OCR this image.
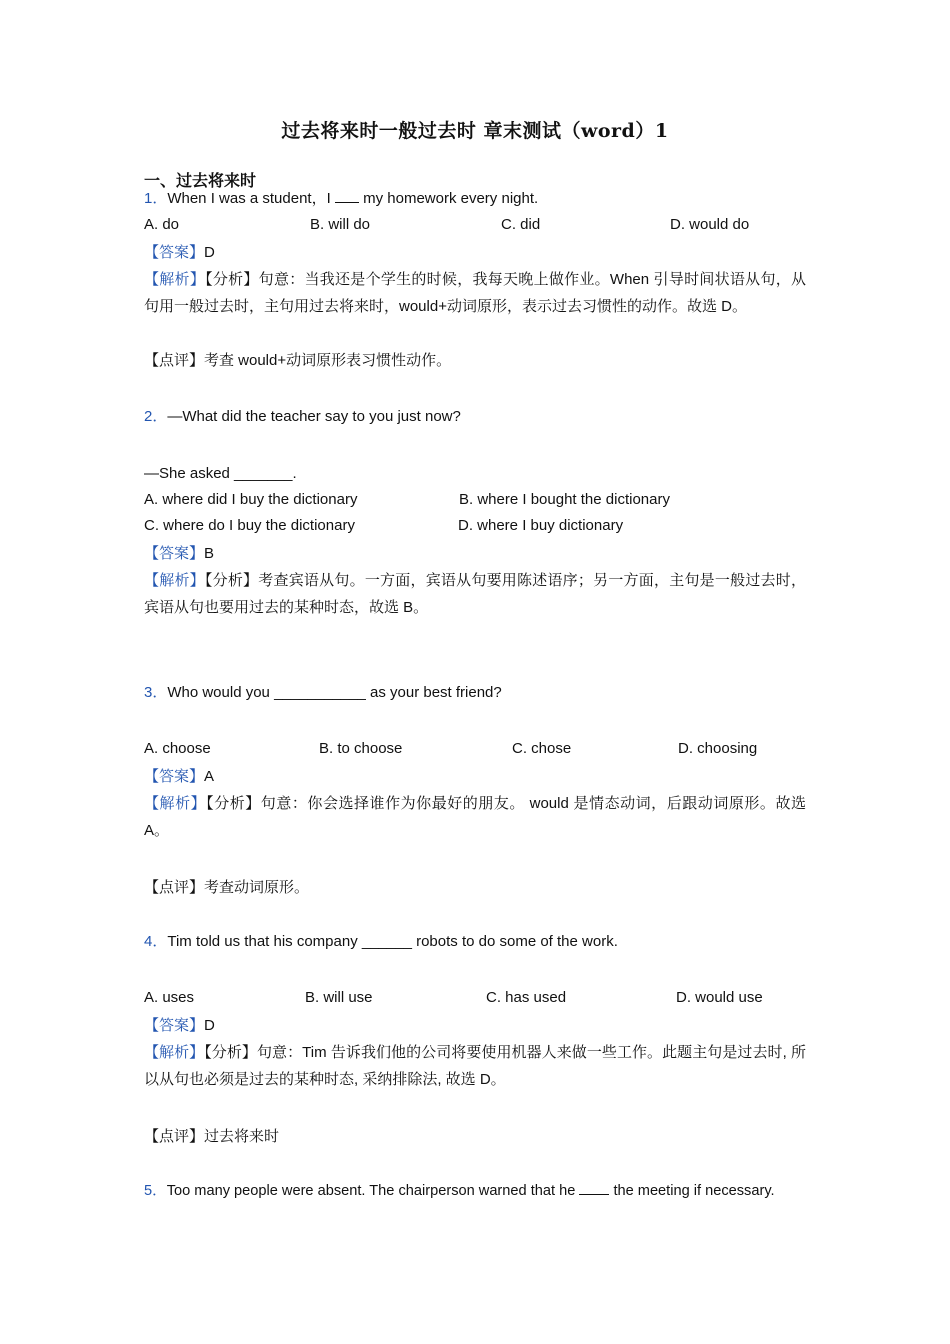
过去将来时一般过去时 章末测试（word）1
一、过去将来时
1．When I was a student，I  my homework every night.
A. do	B. will do	C. did	D. would do
【答案】D
【解析】【分析】句意：当我还是个学生的时候，我每天晚上做作业。When 引导时间状语从句，从句用一般过去时，主句用过去将来时，would+动词原形，表示过去习惯性的动作。故选 D。
【点评】考查 would+动词原形表习惯性动作。
2．—What did the teacher say to you just now?
—She asked _______.
A. where did I buy the dictionary	B. where I bought the dictionary
C. where do I buy the dictionary	D. where I buy dictionary
【答案】B
【解析】【分析】考查宾语从句。一方面，宾语从句要用陈述语序；另一方面，主句是一般过去时，宾语从句也要用过去的某种时态，故选 B。
3．Who would you ___________ as your best friend?
A. choose	B. to choose	C. chose	D. choosing
【答案】A
【解析】【分析】句意：你会选择谁作为你最好的朋友。 would 是情态动词，后跟动词原形。故选 A。
【点评】考查动词原形。
4．Tim told us that his company ______ robots to do some of the work.
A. uses	B. will use	C. has used	D. would use
【答案】D
【解析】【分析】句意：Tim 告诉我们他的公司将要使用机器人来做一些工作。此题主句是过去时, 所以从句也必须是过去的某种时态, 采纳排除法, 故选 D。
【点评】过去将来时
5．Too many people were absent. The chairperson warned that he  the meeting if necessary.
